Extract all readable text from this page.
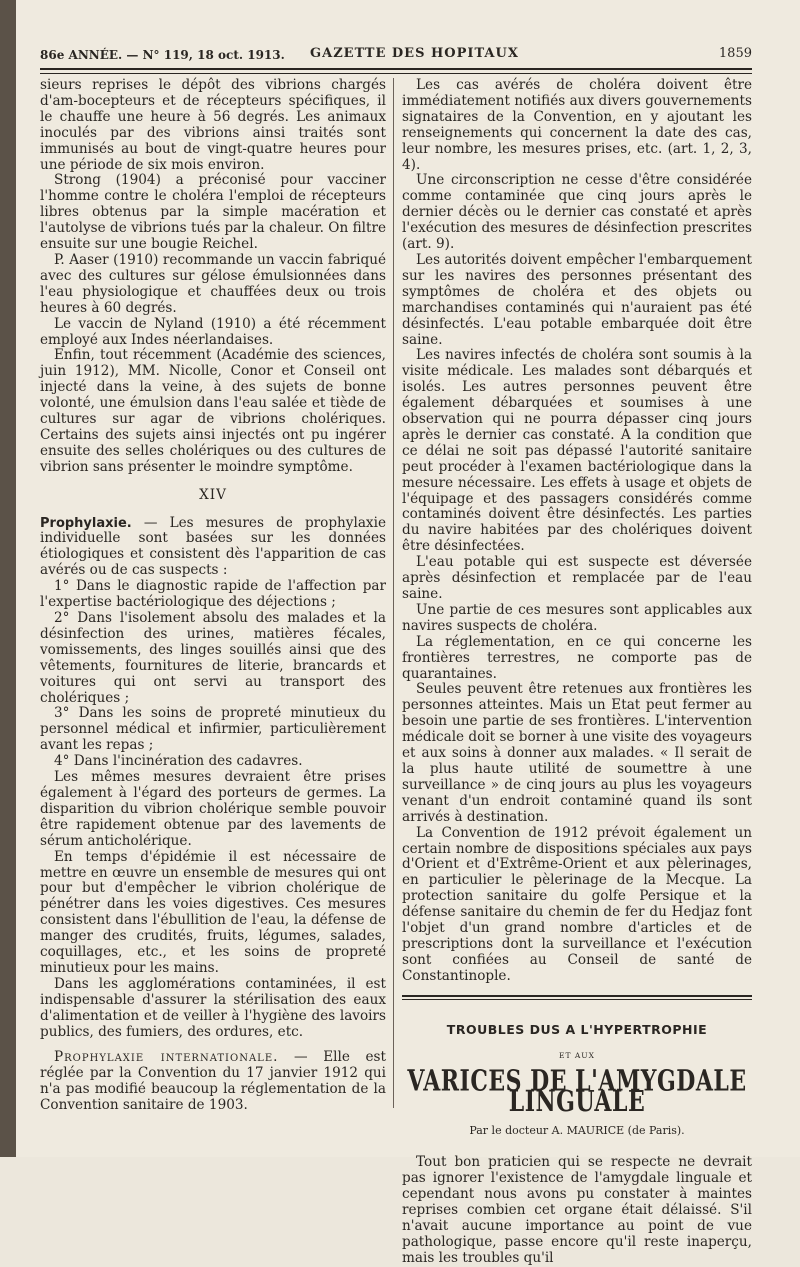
86e ANNÉE. — N° 119, 18 oct. 1913. GAZETTE DES HOPITAUX	1859

sieurs reprises le dépôt des vibrions chargés d'am-bocepteurs et de récepteurs spécifiques, il le chauffe une heure à 56 degrés. Les animaux inoculés par des vibrions ainsi traités sont immunisés au bout de vingt-quatre heures pour une période de six mois environ.

Strong (1904) a préconisé pour vacciner l'homme contre le choléra l'emploi de récepteurs libres obtenus par la simple macération et l'autolyse de vibrions tués par la chaleur. On filtre ensuite sur une bougie Reichel.

P. Aaser (1910) recommande un vaccin fabriqué avec des cultures sur gélose émulsionnées dans l'eau physiologique et chauffées deux ou trois heures à 60 degrés.

Le vaccin de Nyland (1910) a été récemment employé aux Indes néerlandaises.

Enfin, tout récemment (Académie des sciences, juin 1912), MM. Nicolle, Conor et Conseil ont injecté dans la veine, à des sujets de bonne volonté, une émulsion dans l'eau salée et tiède de cultures sur agar de vibrions cholériques. Certains des sujets ainsi injectés ont pu ingérer ensuite des selles cholériques ou des cultures de vibrion sans présenter le moindre symptôme.

XIV

Prophylaxie. — Les mesures de prophylaxie individuelle sont basées sur les données étiologiques et consistent dès l'apparition de cas avérés ou de cas suspects :

1° Dans le diagnostic rapide de l'affection par l'expertise bactériologique des déjections ;

2° Dans l'isolement absolu des malades et la désinfection des urines, matières fécales, vomissements, des linges souillés ainsi que des vêtements, fournitures de literie, brancards et voitures qui ont servi au transport des cholériques ;

3° Dans les soins de propreté minutieux du personnel médical et infirmier, particulièrement avant les repas ;

4° Dans l'incinération des cadavres.

Les mêmes mesures devraient être prises également à l'égard des porteurs de germes. La disparition du vibrion cholérique semble pouvoir être rapidement obtenue par des lavements de sérum anticholérique.

En temps d'épidémie il est nécessaire de mettre en œuvre un ensemble de mesures qui ont pour but d'empêcher le vibrion cholérique de pénétrer dans les voies digestives. Ces mesures consistent dans l'ébullition de l'eau, la défense de manger des crudités, fruits, légumes, salades, coquillages, etc., et les soins de propreté minutieux pour les mains.

Dans les agglomérations contaminées, il est indispensable d'assurer la stérilisation des eaux d'alimentation et de veiller à l'hygiène des lavoirs publics, des fumiers, des ordures, etc.

Prophylaxie internationale. — Elle est réglée par la Convention du 17 janvier 1912 qui n'a pas modifié beaucoup la réglementation de la Convention sanitaire de 1903.

Les cas avérés de choléra doivent être immédiatement notifiés aux divers gouvernements signataires de la Convention, en y ajoutant les renseignements qui concernent la date des cas, leur nombre, les mesures prises, etc. (art. 1, 2, 3, 4).

Une circonscription ne cesse d'être considérée comme contaminée que cinq jours après le dernier décès ou le dernier cas constaté et après l'exécution des mesures de désinfection prescrites (art. 9).

Les autorités doivent empêcher l'embarquement sur les navires des personnes présentant des symptômes de choléra et des objets ou marchandises contaminés qui n'auraient pas été désinfectés. L'eau potable embarquée doit être saine.

Les navires infectés de choléra sont soumis à la visite médicale. Les malades sont débarqués et isolés. Les autres personnes peuvent être également débarquées et soumises à une observation qui ne pourra dépasser cinq jours après le dernier cas constaté. A la condition que ce délai ne soit pas dépassé l'autorité sanitaire peut procéder à l'examen bactériologique dans la mesure nécessaire. Les effets à usage et objets de l'équipage et des passagers considérés comme contaminés doivent être désinfectés. Les parties du navire habitées par des cholériques doivent être désinfectées.

L'eau potable qui est suspecte est déversée après désinfection et remplacée par de l'eau saine.

Une partie de ces mesures sont applicables aux navires suspects de choléra.

La réglementation, en ce qui concerne les frontières terrestres, ne comporte pas de quarantaines.

Seules peuvent être retenues aux frontières les personnes atteintes. Mais un Etat peut fermer au besoin une partie de ses frontières. L'intervention médicale doit se borner à une visite des voyageurs et aux soins à donner aux malades. « Il serait de la plus haute utilité de soumettre à une surveillance » de cinq jours au plus les voyageurs venant d'un endroit contaminé quand ils sont arrivés à destination.

La Convention de 1912 prévoit également un certain nombre de dispositions spéciales aux pays d'Orient et d'Extrême-Orient et aux pèlerinages, en particulier le pèlerinage de la Mecque. La protection sanitaire du golfe Persique et la défense sanitaire du chemin de fer du Hedjaz font l'objet d'un grand nombre d'articles et de prescriptions dont la surveillance et l'exécution sont confiées au Conseil de santé de Constantinople.

TROUBLES DUS A L'HYPERTROPHIE
ET AUX
VARICES DE L'AMYGDALE LINGUALE
Par le docteur A. MAURICE (de Paris).

Tout bon praticien qui se respecte ne devrait pas ignorer l'existence de l'amygdale linguale et cependant nous avons pu constater à maintes reprises combien cet organe était délaissé. S'il n'avait aucune importance au point de vue pathologique, passe encore qu'il reste inaperçu, mais les troubles qu'il
